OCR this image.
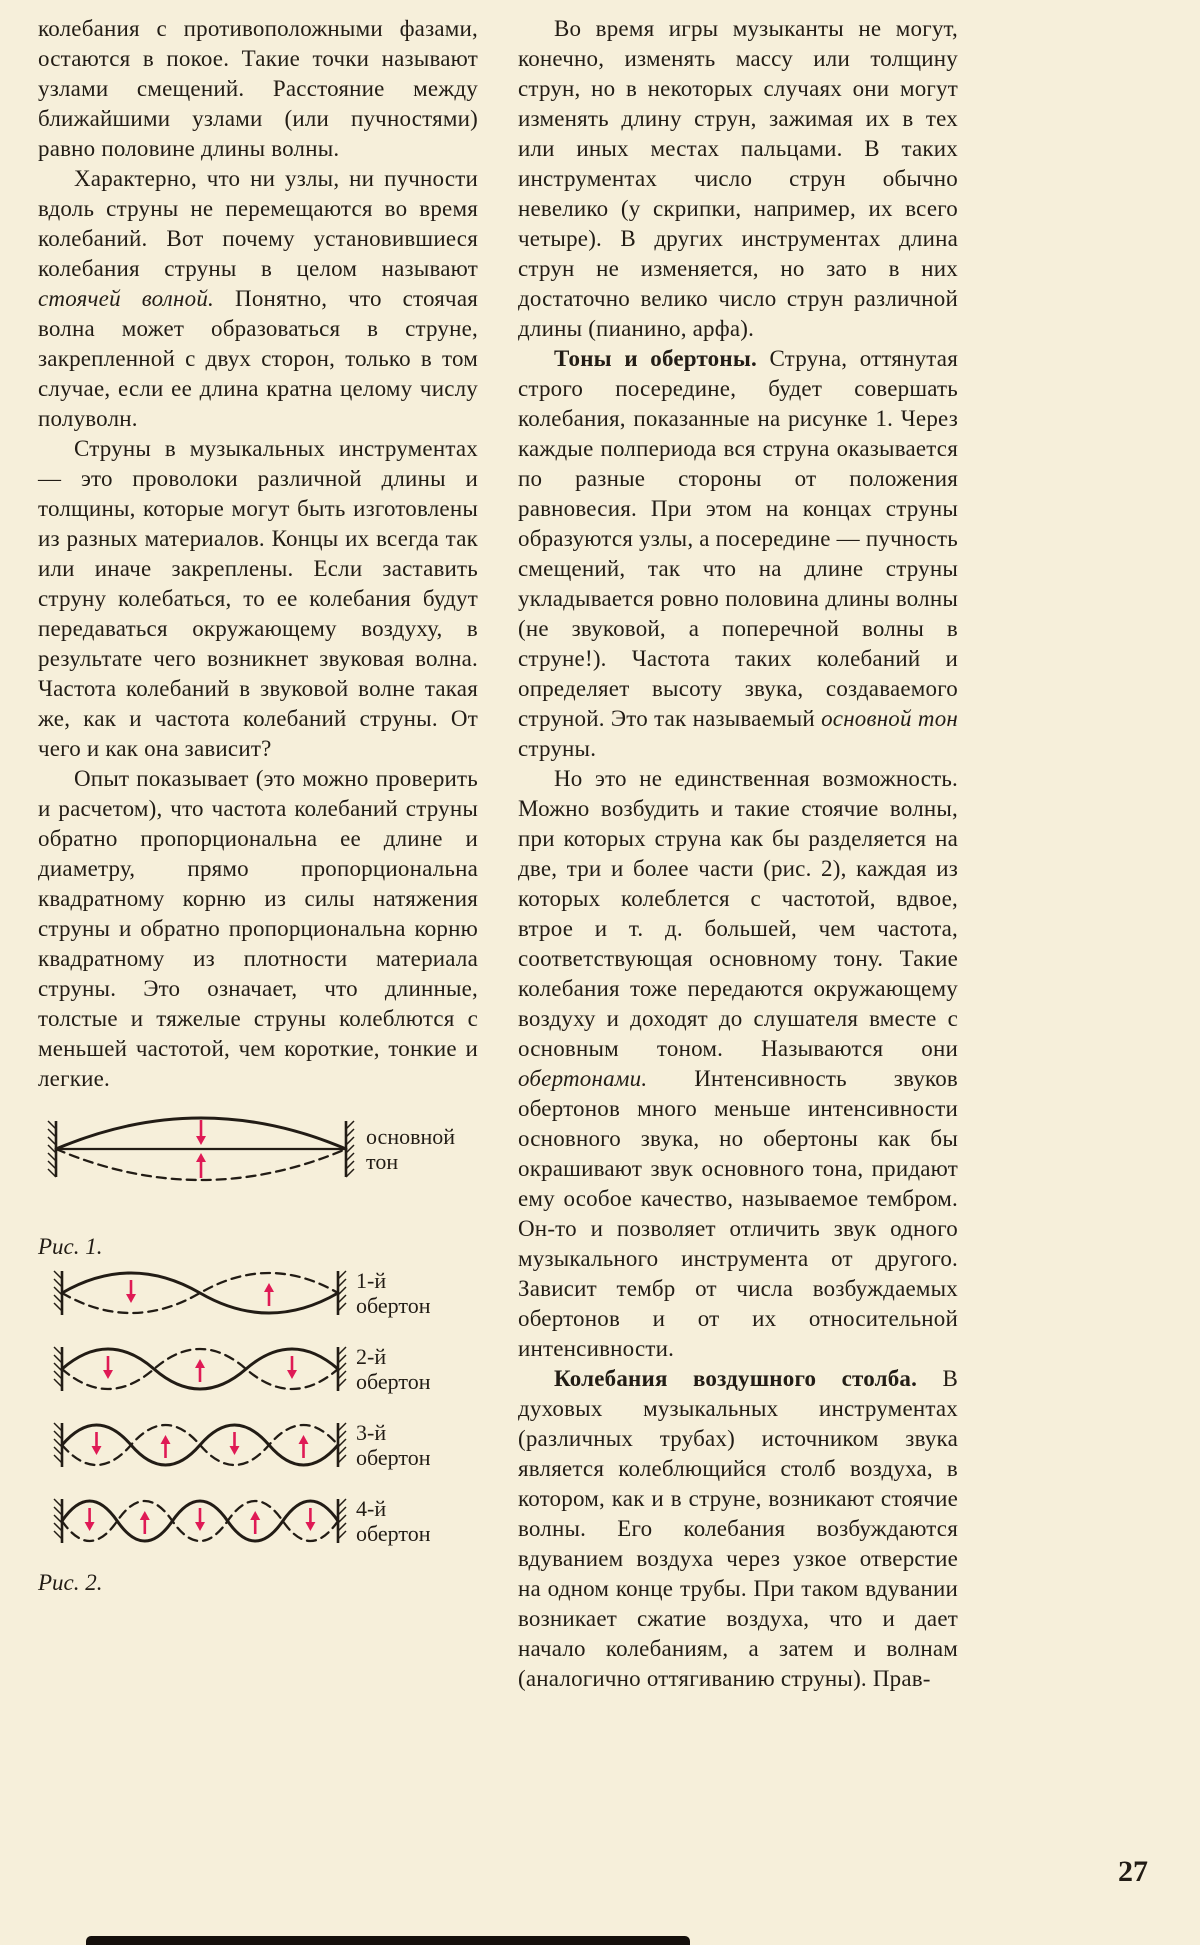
колебания с противоположными фазами, остаются в покое. Такие точки называют узлами смещений. Расстояние между ближайшими узлами (или пучностями) равно половине длины волны.

Характерно, что ни узлы, ни пучности вдоль струны не перемещаются во время колебаний. Вот почему установившиеся колебания струны в целом называют стоячей волной. Понятно, что стоячая волна может образоваться в струне, закрепленной с двух сторон, только в том случае, если ее длина кратна целому числу полуволн.

Струны в музыкальных инструментах — это проволоки различной длины и толщины, которые могут быть изготовлены из разных материалов. Концы их всегда так или иначе закреплены. Если заставить струну колебаться, то ее колебания будут передаваться окружающему воздуху, в результате чего возникнет звуковая волна. Частота колебаний в звуковой волне такая же, как и частота колебаний струны. От чего и как она зависит?

Опыт показывает (это можно проверить и расчетом), что частота колебаний струны обратно пропорциональна ее длине и диаметру, прямо пропорциональна квадратному корню из силы натяжения струны и обратно пропорциональна корню квадратному из плотности материала струны. Это означает, что длинные, толстые и тяжелые струны колеблются с меньшей частотой, чем короткие, тонкие и легкие.

основной
тон
Рис. 1.
1-й
обертон
2-й
обертон
3-й
обертон
4-й
обертон
Рис. 2.

Во время игры музыканты не могут, конечно, изменять массу или толщину струн, но в некоторых случаях они могут изменять длину струн, зажимая их в тех или иных местах пальцами. В таких инструментах число струн обычно невелико (у скрипки, например, их всего четыре). В других инструментах длина струн не изменяется, но зато в них достаточно велико число струн различной длины (пианино, арфа).

Тоны и обертоны. Струна, оттянутая строго посередине, будет совершать колебания, показанные на рисунке 1. Через каждые полпериода вся струна оказывается по разные стороны от положения равновесия. При этом на концах струны образуются узлы, а посередине — пучность смещений, так что на длине струны укладывается ровно половина длины волны (не звуковой, а поперечной волны в струне!). Частота таких колебаний и определяет высоту звука, создаваемого струной. Это так называемый основной тон струны.

Но это не единственная возможность. Можно возбудить и такие стоячие волны, при которых струна как бы разделяется на две, три и более части (рис. 2), каждая из которых колеблется с частотой, вдвое, втрое и т. д. большей, чем частота, соответствующая основному тону. Такие колебания тоже передаются окружающему воздуху и доходят до слушателя вместе с основным тоном. Называются они обертонами. Интенсивность звуков обертонов много меньше интенсивности основного звука, но обертоны как бы окрашивают звук основного тона, придают ему особое качество, называемое тембром. Он-то и позволяет отличить звук одного музыкального инструмента от другого. Зависит тембр от числа возбуждаемых обертонов и от их относительной интенсивности.

Колебания воздушного столба. В духовых музыкальных инструментах (различных трубах) источником звука является колеблющийся столб воздуха, в котором, как и в струне, возникают стоячие волны. Его колебания возбуждаются вдуванием воздуха через узкое отверстие на одном конце трубы. При таком вдувании возникает сжатие воздуха, что и дает начало колебаниям, а затем и волнам (аналогично оттягиванию струны). Прав-

27
